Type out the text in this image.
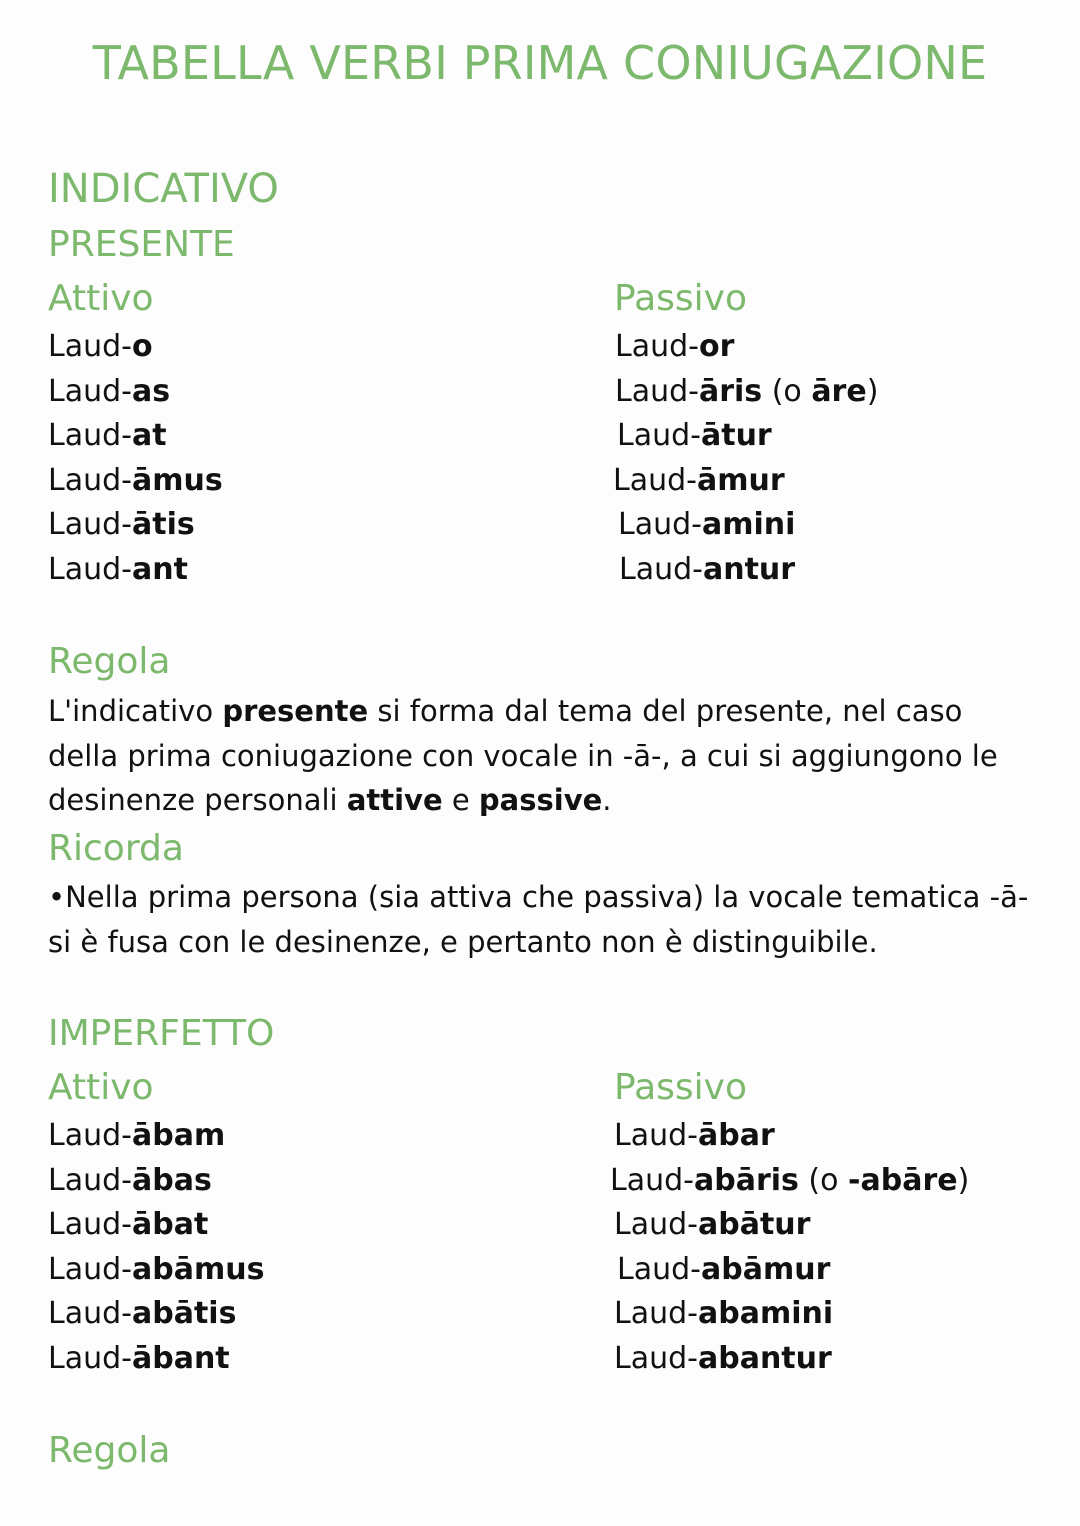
TABELLA VERBI PRIMA CONIUGAZIONE
INDICATIVO
PRESENTE
Attivo	Passivo
Laud-o
Laud-as
Laud-at
Laud-āmus
Laud-ātis
Laud-ant
Laud-or
Laud-āris (o āre)
Laud-ātur
Laud-āmur
Laud-amini
Laud-antur
Regola

L'indicativo presente si forma dal tema del presente, nel caso della prima coniugazione con vocale in -ā-, a cui si aggiungono le desinenze personali attive e passive.

Ricorda

•Nella prima persona (sia attiva che passiva) la vocale tematica -ā- si è fusa con le desinenze, e pertanto non è distinguibile.

IMPERFETTO
Attivo	Passivo
Laud-ābam
Laud-ābas
Laud-ābat
Laud-abāmus
Laud-abātis
Laud-ābant
Laud-ābar
Laud-abāris (o -abāre)
Laud-abātur
Laud-abāmur
Laud-abamini
Laud-abantur
Regola
